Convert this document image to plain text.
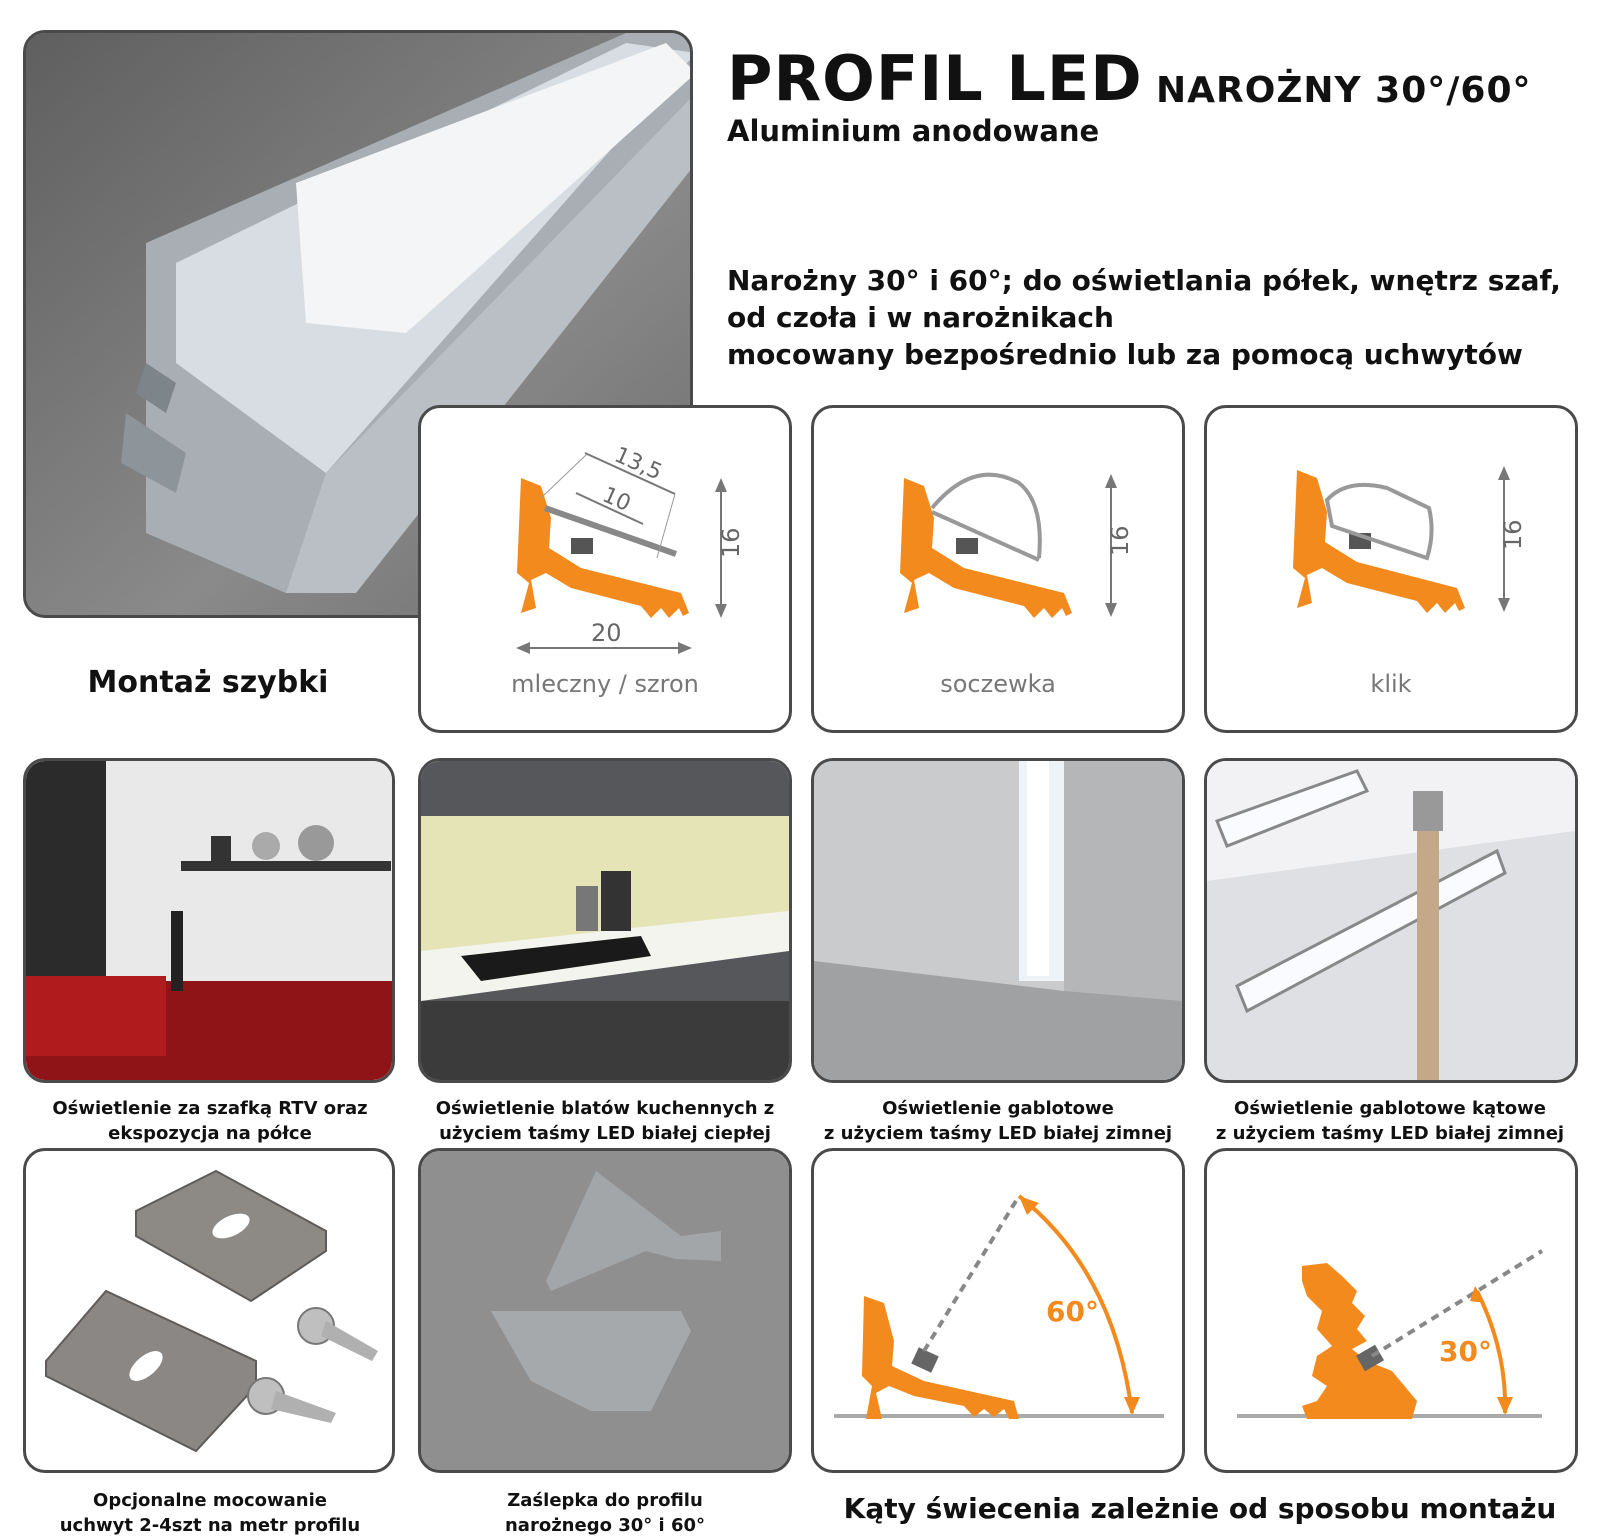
PROFIL LED NAROŻNY 30°/60°
Aluminium anodowane
Narożny 30° i 60°; do oświetlania półek, wnętrz szaf,
od czoła i w narożnikach
mocowany bezpośrednio lub za pomocą uchwytów
Montaż szybki
20
16
13,5
10
mleczny / szron
16
soczewka
16
klik
Oświetlenie za szafką RTV oraz
ekspozycja na półce
Oświetlenie blatów kuchennych z
użyciem taśmy LED białej ciepłej
Oświetlenie gablotowe
z użyciem taśmy LED białej zimnej
Oświetlenie gablotowe kątowe
z użyciem taśmy LED białej zimnej
Opcjonalne mocowanie
uchwyt 2-4szt na metr profilu
Zaślepka do profilu
narożnego 30° i 60°
60°
30°
Kąty świecenia zależnie od sposobu montażu
